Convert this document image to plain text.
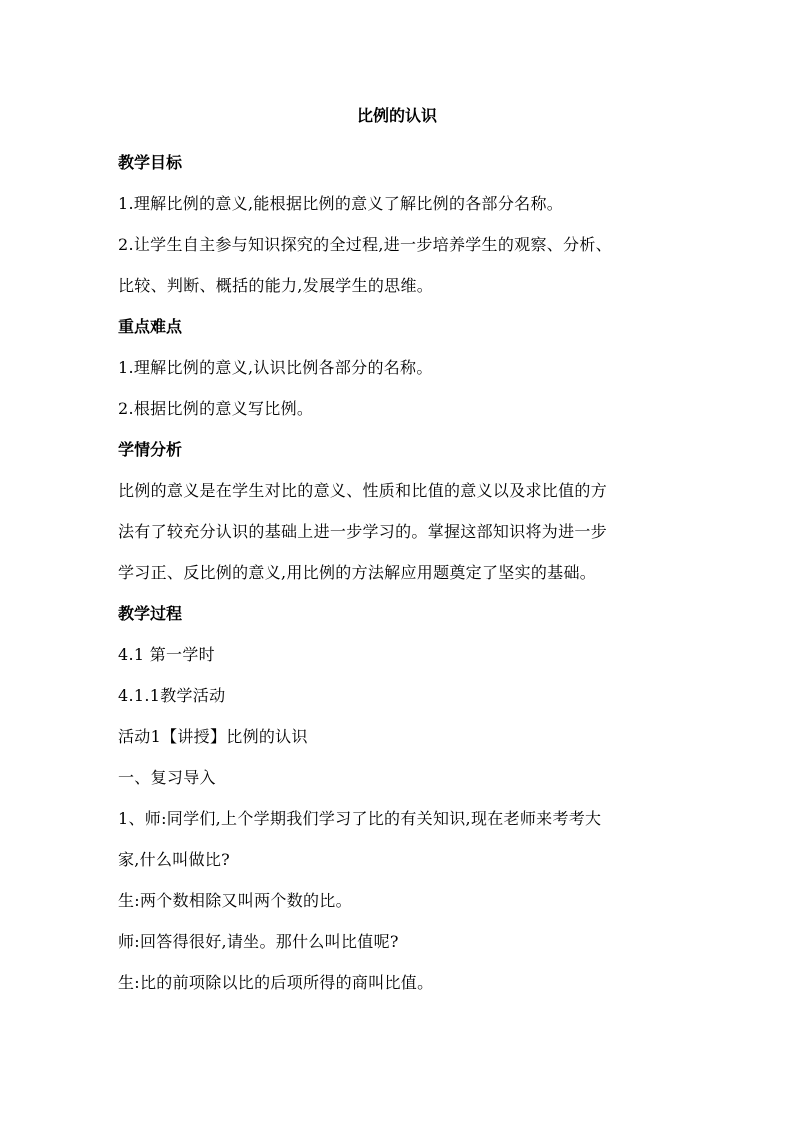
比例的认识
教学目标

1.理解比例的意义,能根据比例的意义了解比例的各部分名称。

2.让学生自主参与知识探究的全过程,进一步培养学生的观察、分析、

比较、判断、概括的能力,发展学生的思维。

重点难点

1.理解比例的意义,认识比例各部分的名称。

2.根据比例的意义写比例。

学情分析

比例的意义是在学生对比的意义、性质和比值的意义以及求比值的方

法有了较充分认识的基础上进一步学习的。掌握这部知识将为进一步

学习正、反比例的意义,用比例的方法解应用题奠定了坚实的基础。

教学过程

4.1 第一学时

4.1.1教学活动

活动1【讲授】比例的认识

一、复习导入

1、师:同学们,上个学期我们学习了比的有关知识,现在老师来考考大

家,什么叫做比?

生:两个数相除又叫两个数的比。

师:回答得很好,请坐。那什么叫比值呢?

生:比的前项除以比的后项所得的商叫比值。
